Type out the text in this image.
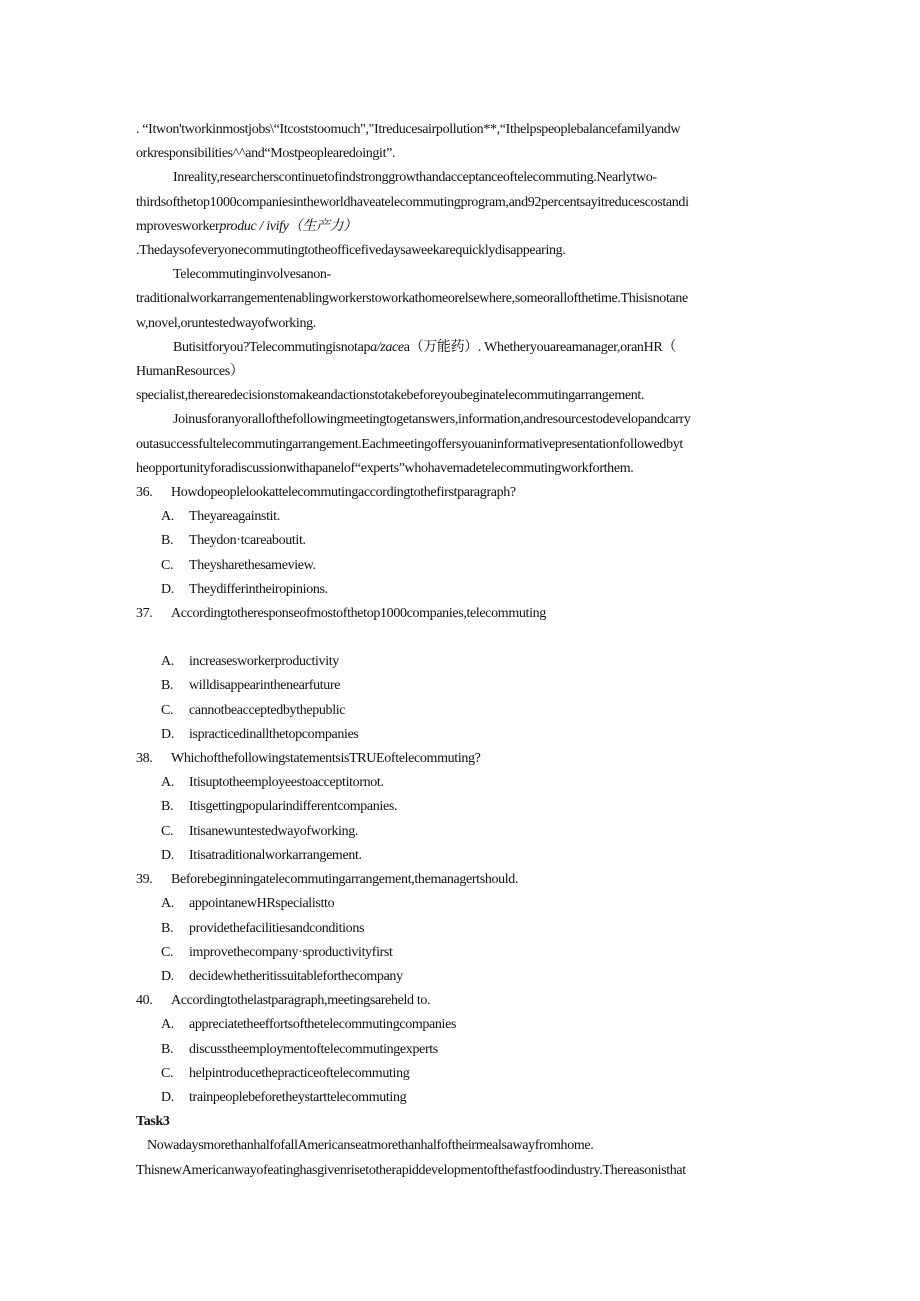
. “Itwon'tworkinmostjobs\“Itcoststoomuch","Itreducesairpollution**,“Ithelpspeoplebalancefamilyandw
orkresponsibilities^^and“Mostpeoplearedoingit”.
Inreality,researcherscontinuetofindstronggrowthandacceptanceoftelecommuting.Nearlytwo-
thirdsofthetop1000companiesintheworldhaveatelecommutingprogram,and92percentsayitreducescostandi
mprovesworkerproduc / ivify（生产力）
.Thedaysofeveryonecommutingtotheofficefivedaysaweekarequicklydisappearing.
Telecommutinginvolvesanon-
traditionalworkarrangementenablingworkerstoworkathomeorelsewhere,someorallofthetime.Thisisnotane
w,novel,oruntestedwayofworking.
Butisitforyou?Telecommutingisnotapa/zacea（万能药）. Whetheryouareamanager,oranHR（
HumanResources）
specialist,therearedecisionstomakeandactionstotakebeforeyoubeginatelecommutingarrangement.
Joinusforanyorallofthefollowingmeetingtogetanswers,information,andresourcestodevelopandcarry
outasuccessfultelecommutingarrangement.Eachmeetingoffersyouaninformativepresentationfollowedbyt
heopportunityforadiscussionwithapanelof“experts”whohavemadetelecommutingworkforthem.
36.	Howdopeoplelookattelecommutingaccordingtothefirstparagraph?
A.	Theyareagainstit.
B.	Theydon·tcareaboutit.
C.	Theysharethesameview.
D.	Theydifferintheiropinions.
37.	Accordingtotheresponseofmostofthetop1000companies,telecommuting
A.	increasesworkerproductivity
B.	willdisappearinthenearfuture
C.	cannotbeacceptedbythepublic
D.	ispracticedinallthetopcompanies
38.	WhichofthefollowingstatementsisTRUEoftelecommuting?
A.	Itisuptotheemployeestoacceptitornot.
B.	Itisgettingpopularindifferentcompanies.
C.	Itisanewuntestedwayofworking.
D.	Itisatraditionalworkarrangement.
39.	Beforebeginningatelecommutingarrangement,themanagertshould.
A.	appointanewHRspecialistto
B.	providethefacilitiesandconditions
C.	improvethecompany·sproductivityfirst
D.	decidewhetheritissuitableforthecompany
40.	Accordingtothelastparagraph,meetingsareheld to.
A.	appreciatetheeffortsofthetelecommutingcompanies
B.	discusstheemploymentoftelecommutingexperts
C.	helpintroducethepracticeoftelecommuting
D.	trainpeoplebeforetheystarttelecommuting
Task3
NowadaysmorethanhalfofallAmericanseatmorethanhalfoftheirmealsawayfromhome.
ThisnewAmericanwayofeatinghasgivenrisetotherapiddevelopmentofthefastfoodindustry.Thereasonisthat
